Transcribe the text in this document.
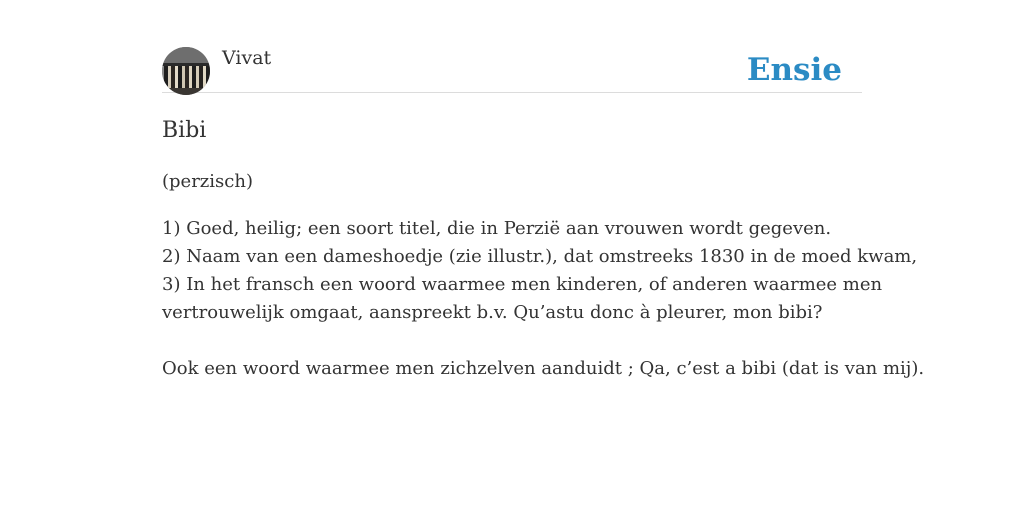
Vivat	Ensie
Bibi

(perzisch)

1) Goed, heilig; een soort titel, die in Perzië aan vrouwen wordt gegeven.
2) Naam van een dameshoedje (zie illustr.), dat omstreeks 1830 in de moed kwam,
3) In het fransch een woord waarmee men kinderen, of anderen waarmee men
vertrouwelijk omgaat, aanspreekt b.v. Qu’astu donc à pleurer, mon bibi?
Ook een woord waarmee men zichzelven aanduidt ; Qa, c’est a bibi (dat is van mij).
